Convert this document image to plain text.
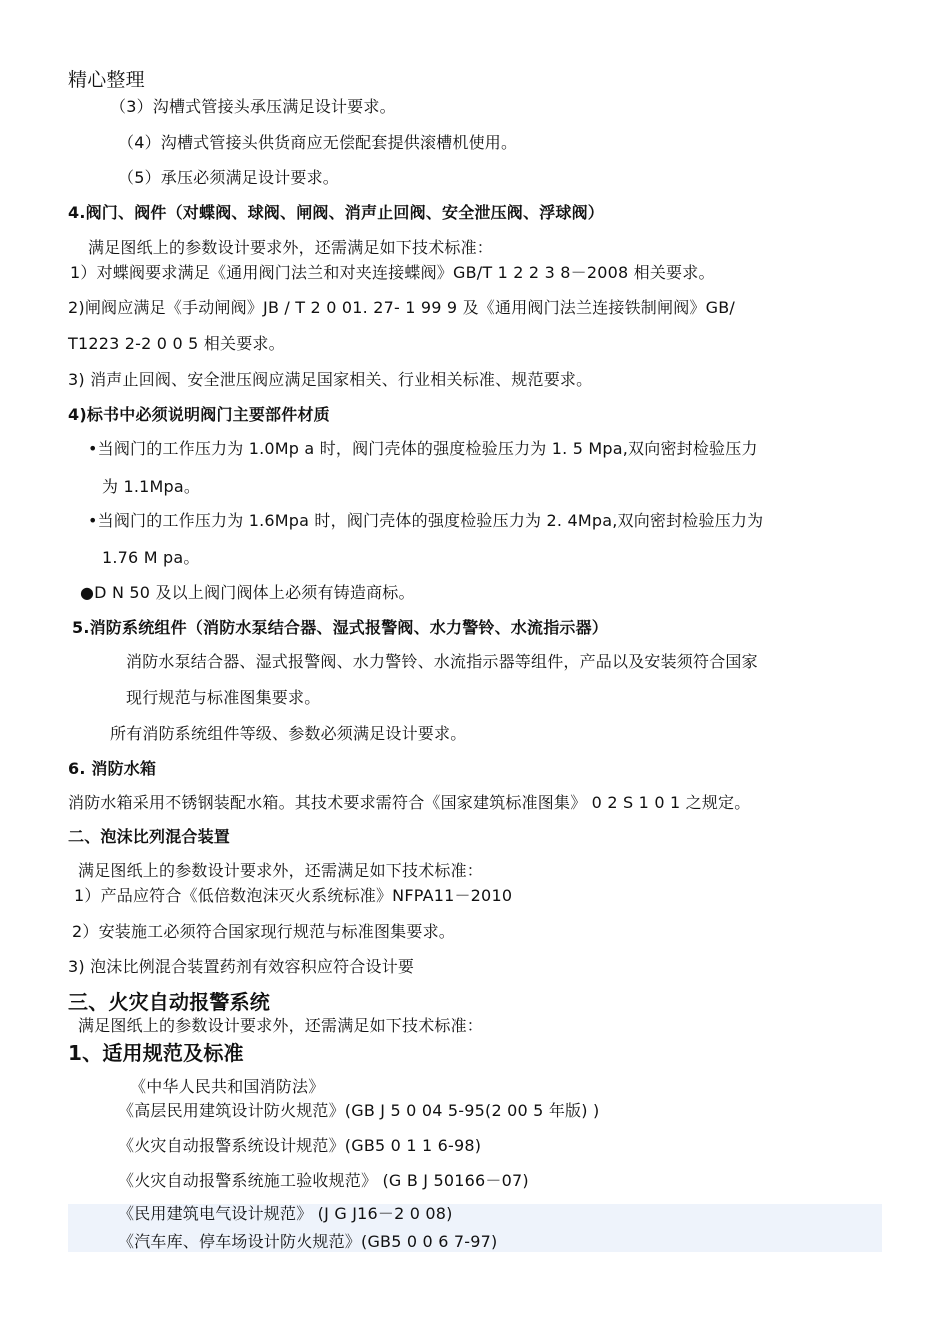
精心整理
（3）沟槽式管接头承压满足设计要求。
（4）沟槽式管接头供货商应无偿配套提供滚槽机使用。
（5）承压必须满足设计要求。
4.阀门、阀件（对蝶阀、球阀、闸阀、消声止回阀、安全泄压阀、浮球阀）
满足图纸上的参数设计要求外，还需满足如下技术标准：
1）对蝶阀要求满足《通用阀门法兰和对夹连接蝶阀》GB/T 1 2 2 3 8－2008 相关要求。
2)闸阀应满足《手动闸阀》JB / T 2 0 01. 27- 1 99 9 及《通用阀门法兰连接铁制闸阀》GB/
T1223 2-2 0 0 5 相关要求。
3) 消声止回阀、安全泄压阀应满足国家相关、行业相关标准、规范要求。
4)标书中必须说明阀门主要部件材质
•当阀门的工作压力为 1.0Mp a 时，阀门壳体的强度检验压力为 1. 5 Mpa,双向密封检验压力
为 1.1Mpa。
•当阀门的工作压力为 1.6Mpa 时，阀门壳体的强度检验压力为 2. 4Mpa,双向密封检验压力为
1.76 M pa。
●D N 50 及以上阀门阀体上必须有铸造商标。
5.消防系统组件（消防水泵结合器、湿式报警阀、水力警铃、水流指示器）
消防水泵结合器、湿式报警阀、水力警铃、水流指示器等组件，产品以及安装须符合国家
现行规范与标准图集要求。
所有消防系统组件等级、参数必须满足设计要求。
6. 消防水箱
消防水箱采用不锈钢装配水箱。其技术要求需符合《国家建筑标准图集》 0 2 S 1 0 1 之规定。
二、泡沫比列混合装置
满足图纸上的参数设计要求外，还需满足如下技术标准：
1）产品应符合《低倍数泡沫灭火系统标准》NFPA11－2010
2）安装施工必须符合国家现行规范与标准图集要求。
3) 泡沫比例混合装置药剂有效容积应符合设计要
三、火灾自动报警系统
满足图纸上的参数设计要求外，还需满足如下技术标准：
1、适用规范及标准
《中华人民共和国消防法》
《高层民用建筑设计防火规范》(GB J 5 0 04 5-95(2 00 5 年版) )
《火灾自动报警系统设计规范》(GB5 0 1 1 6-98)
《火灾自动报警系统施工验收规范》 (G B J 50166－07)
《民用建筑电气设计规范》 (J G J16－2 0 08)
《汽车库、停车场设计防火规范》(GB5 0 0 6 7-97)
